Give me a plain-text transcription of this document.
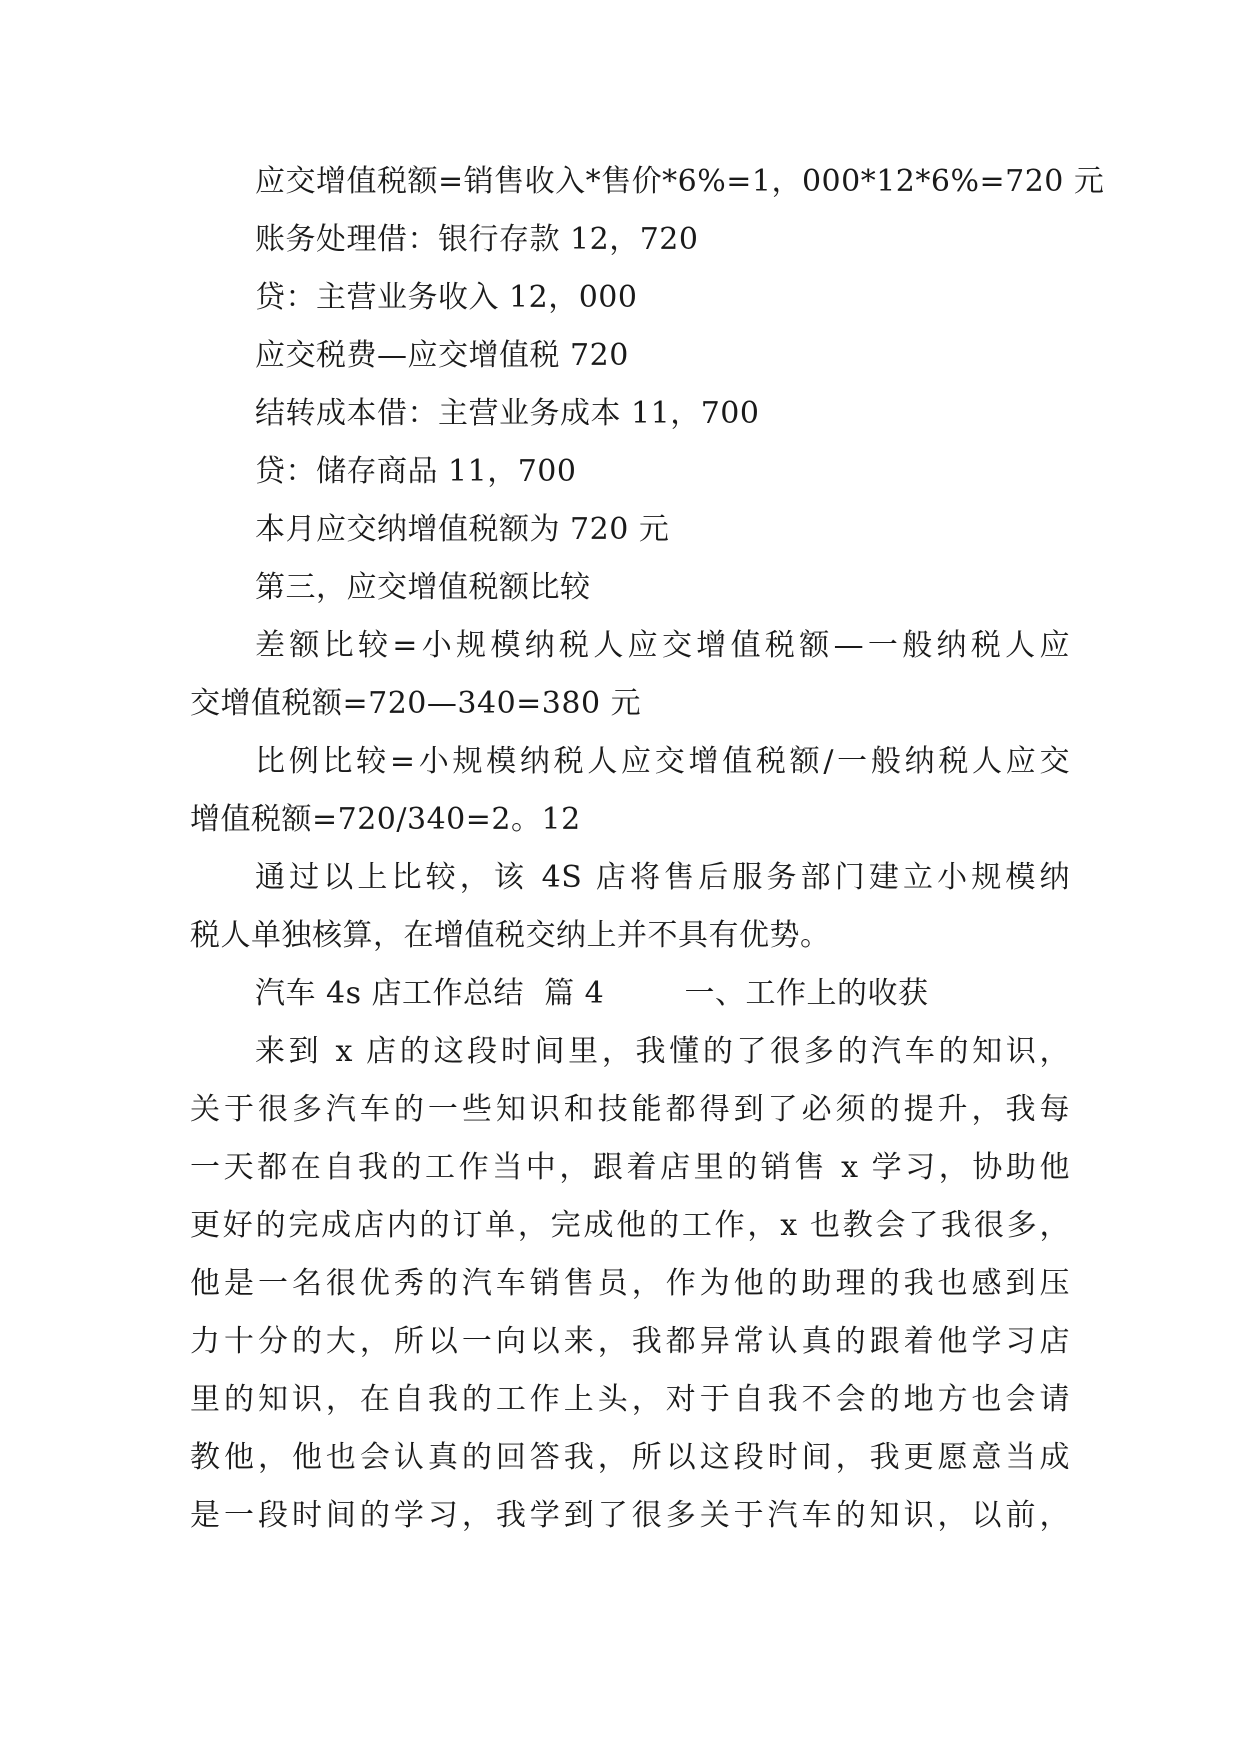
应交增值税额=销售收入*售价*6%=1，000*12*6%=720 元
账务处理借：银行存款 12，720
贷：主营业务收入 12，000
应交税费—应交增值税 720
结转成本借：主营业务成本 11，700
贷：储存商品 11，700
本月应交纳增值税额为 720 元
第三，应交增值税额比较
差额比较=小规模纳税人应交增值税额—一般纳税人应
交增值税额=720—340=380 元
比例比较=小规模纳税人应交增值税额/一般纳税人应交
增值税额=720/340=2。12
通过以上比较，该 4S 店将售后服务部门建立小规模纳
税人单独核算，在增值税交纳上并不具有优势。
汽车 4s 店工作总结  篇 4        一、工作上的收获
来到 x 店的这段时间里，我懂的了很多的汽车的知识，
关于很多汽车的一些知识和技能都得到了必须的提升，我每
一天都在自我的工作当中，跟着店里的销售 x 学习，协助他
更好的完成店内的订单，完成他的工作，x 也教会了我很多，
他是一名很优秀的汽车销售员，作为他的助理的我也感到压
力十分的大，所以一向以来，我都异常认真的跟着他学习店
里的知识，在自我的工作上头，对于自我不会的地方也会请
教他，他也会认真的回答我，所以这段时间，我更愿意当成
是一段时间的学习，我学到了很多关于汽车的知识，以前，
